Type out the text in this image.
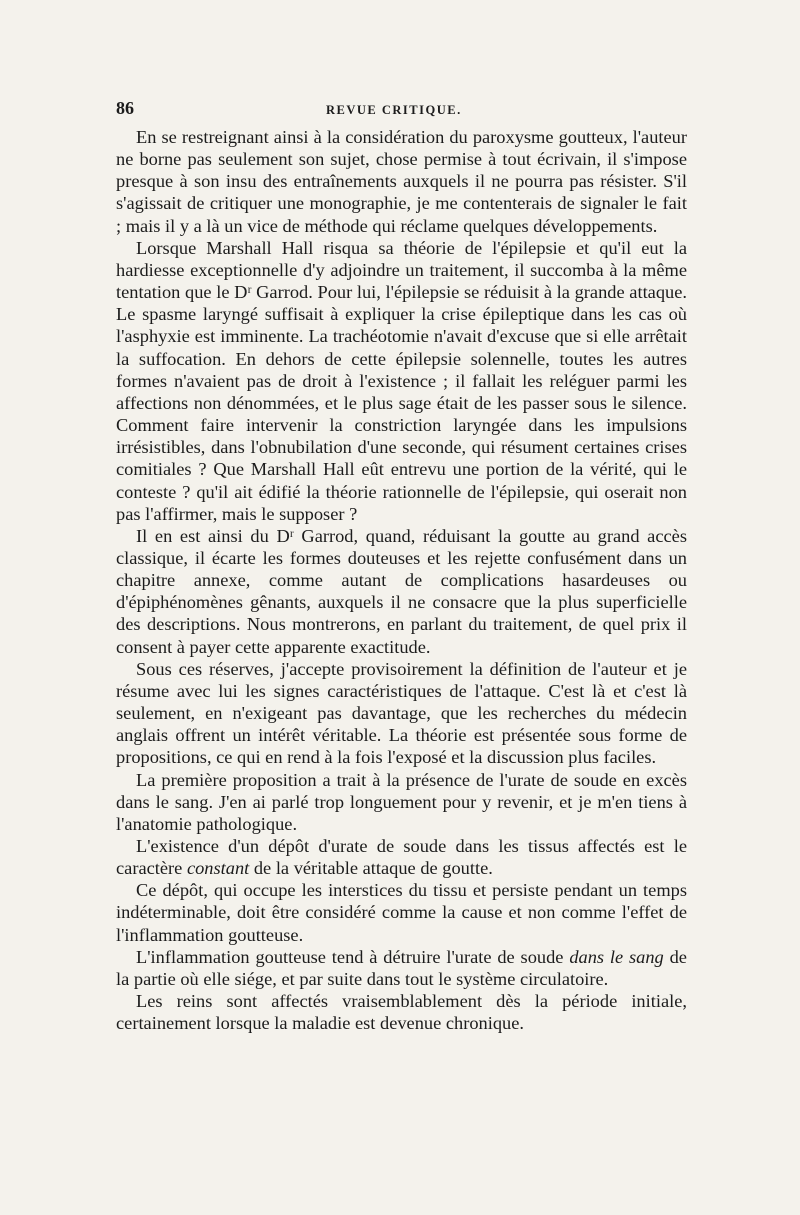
86	REVUE CRITIQUE.

En se restreignant ainsi à la considération du paroxysme goutteux, l'auteur ne borne pas seulement son sujet, chose permise à tout écrivain, il s'impose presque à son insu des entraînements auxquels il ne pourra pas résister. S'il s'agissait de critiquer une monographie, je me contenterais de signaler le fait ; mais il y a là un vice de méthode qui réclame quelques développements.

Lorsque Marshall Hall risqua sa théorie de l'épilepsie et qu'il eut la hardiesse exceptionnelle d'y adjoindre un traitement, il succomba à la même tentation que le Dʳ Garrod. Pour lui, l'épilepsie se réduisit à la grande attaque. Le spasme laryngé suffisait à expliquer la crise épileptique dans les cas où l'asphyxie est imminente. La trachéotomie n'avait d'excuse que si elle arrêtait la suffocation. En dehors de cette épilepsie solennelle, toutes les autres formes n'avaient pas de droit à l'existence ; il fallait les reléguer parmi les affections non dénommées, et le plus sage était de les passer sous le silence. Comment faire intervenir la constriction laryngée dans les impulsions irrésistibles, dans l'obnubilation d'une seconde, qui résument certaines crises comitiales ? Que Marshall Hall eût entrevu une portion de la vérité, qui le conteste ? qu'il ait édifié la théorie rationnelle de l'épilepsie, qui oserait non pas l'affirmer, mais le supposer ?

Il en est ainsi du Dʳ Garrod, quand, réduisant la goutte au grand accès classique, il écarte les formes douteuses et les rejette confusément dans un chapitre annexe, comme autant de complications hasardeuses ou d'épiphénomènes gênants, auxquels il ne consacre que la plus superficielle des descriptions. Nous montrerons, en parlant du traitement, de quel prix il consent à payer cette apparente exactitude.

Sous ces réserves, j'accepte provisoirement la définition de l'auteur et je résume avec lui les signes caractéristiques de l'attaque. C'est là et c'est là seulement, en n'exigeant pas davantage, que les recherches du médecin anglais offrent un intérêt véritable. La théorie est présentée sous forme de propositions, ce qui en rend à la fois l'exposé et la discussion plus faciles.

La première proposition a trait à la présence de l'urate de soude en excès dans le sang. J'en ai parlé trop longuement pour y revenir, et je m'en tiens à l'anatomie pathologique.

L'existence d'un dépôt d'urate de soude dans les tissus affectés est le caractère constant de la véritable attaque de goutte.

Ce dépôt, qui occupe les interstices du tissu et persiste pendant un temps indéterminable, doit être considéré comme la cause et non comme l'effet de l'inflammation goutteuse.

L'inflammation goutteuse tend à détruire l'urate de soude dans le sang de la partie où elle siége, et par suite dans tout le système circulatoire.

Les reins sont affectés vraisemblablement dès la période initiale, certainement lorsque la maladie est devenue chronique.
